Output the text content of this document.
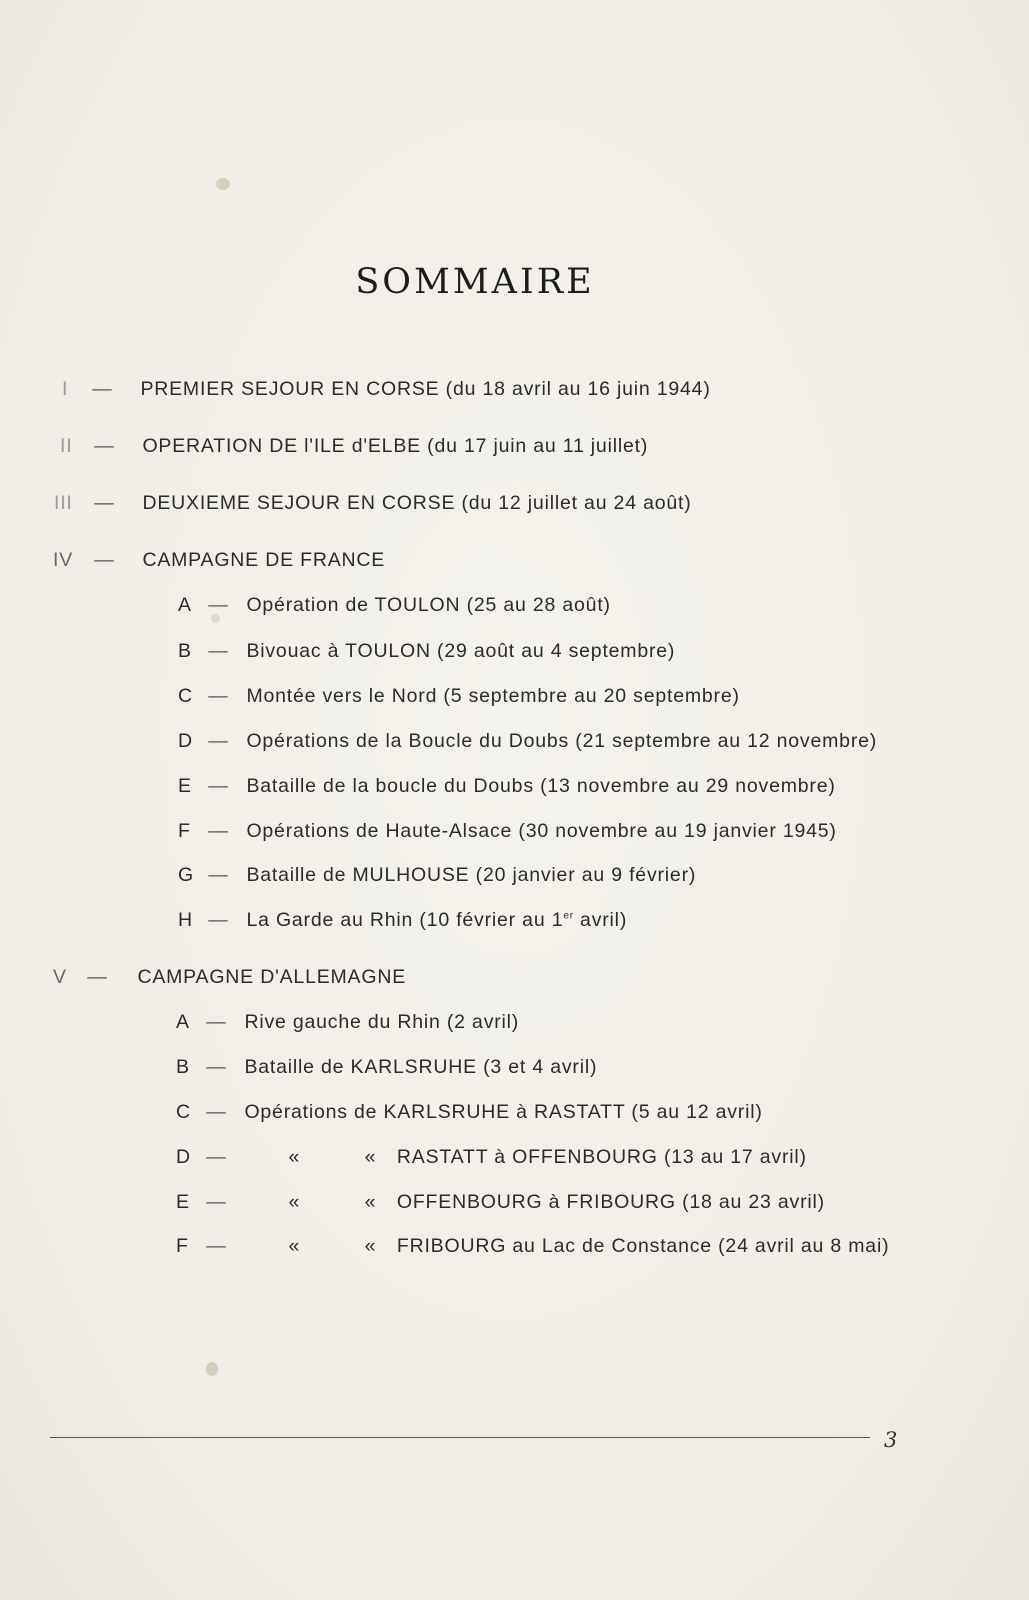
SOMMAIRE
I — PREMIER SEJOUR EN CORSE (du 18 avril au 16 juin 1944)
II — OPERATION DE l'ILE d'ELBE (du 17 juin au 11 juillet)
III — DEUXIEME SEJOUR EN CORSE (du 12 juillet au 24 août)
IV — CAMPAGNE DE FRANCE
A — Opération de TOULON (25 au 28 août)
B — Bivouac à TOULON (29 août au 4 septembre)
C — Montée vers le Nord (5 septembre au 20 septembre)
D — Opérations de la Boucle du Doubs (21 septembre au 12 novembre)
E — Bataille de la boucle du Doubs (13 novembre au 29 novembre)
F — Opérations de Haute-Alsace (30 novembre au 19 janvier 1945)
G — Bataille de MULHOUSE (20 janvier au 9 février)
H — La Garde au Rhin (10 février au 1er avril)
V — CAMPAGNE D'ALLEMAGNE
A — Rive gauche du Rhin (2 avril)
B — Bataille de KARLSRUHE (3 et 4 avril)
C — Opérations de KARLSRUHE à RASTATT (5 au 12 avril)
D —	«	« RASTATT à OFFENBOURG (13 au 17 avril)
E —	«	« OFFENBOURG à FRIBOURG (18 au 23 avril)
F —	«	« FRIBOURG au Lac de Constance (24 avril au 8 mai)
3
